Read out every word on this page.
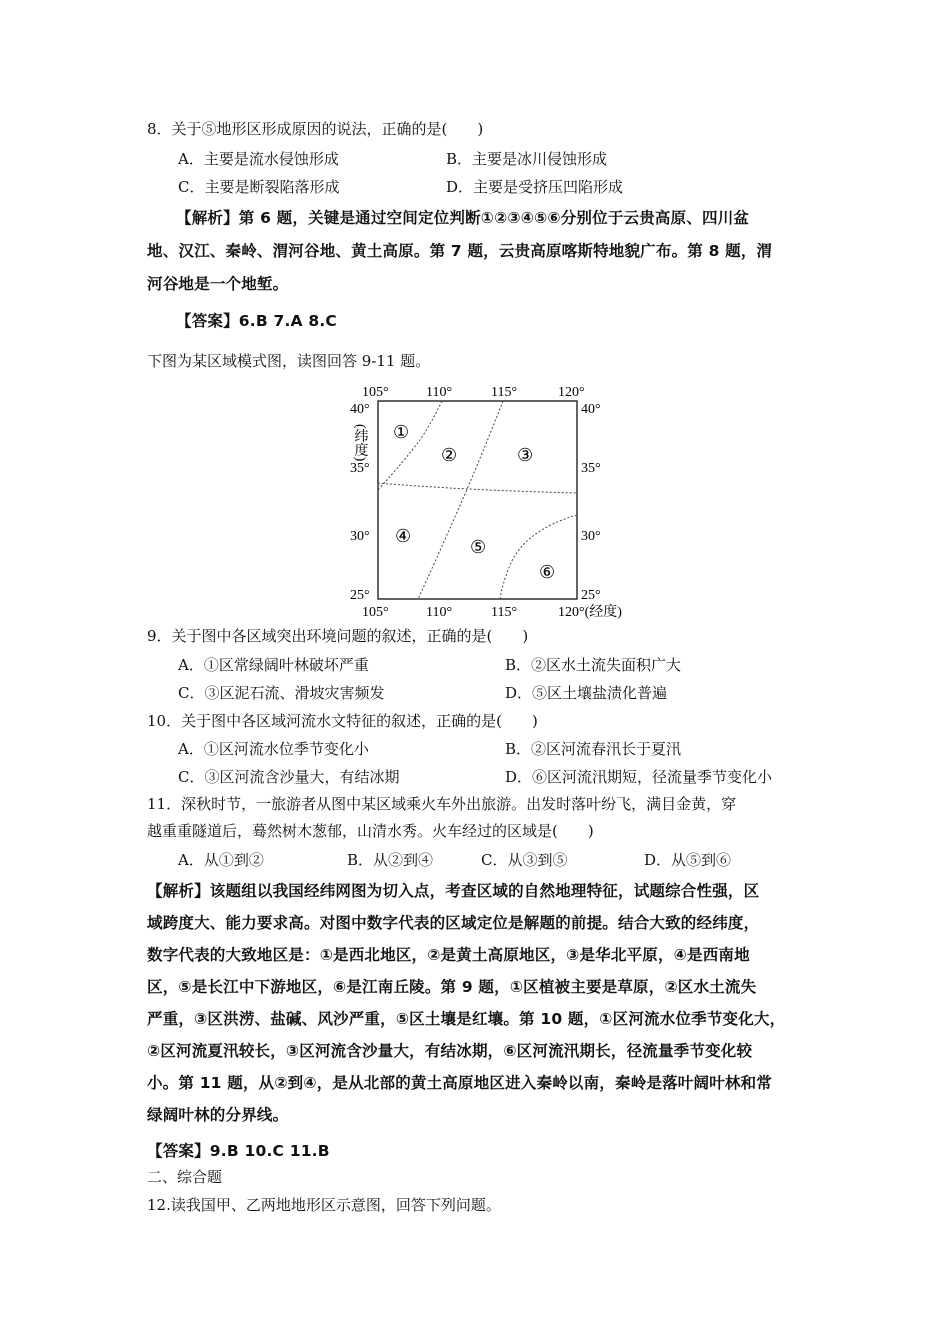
8．关于⑤地形区形成原因的说法，正确的是(　　)
A．主要是流水侵蚀形成	B．主要是冰川侵蚀形成
C．主要是断裂陷落形成	D．主要是受挤压凹陷形成
【解析】第 6 题，关键是通过空间定位判断①②③④⑤⑥分别位于云贵高原、四川盆
地、汉江、秦岭、渭河谷地、黄土高原。第 7 题，云贵高原喀斯特地貌广布。第 8 题，渭
河谷地是一个地堑。
【答案】6.B 7.A 8.C
下图为某区域模式图，读图回答 9-11 题。
105°	110°	115°	120°
40°
35°
30°
25°
40°
35°
30°
25°
(纬度)
105°	110°	115°	120°(经度)
①
②	③
④
⑤
⑥
9．关于图中各区域突出环境问题的叙述，正确的是(　　)
A．①区常绿阔叶林破坏严重	B．②区水土流失面积广大
C．③区泥石流、滑坡灾害频发	D．⑤区土壤盐渍化普遍
10．关于图中各区域河流水文特征的叙述，正确的是(　　)
A．①区河流水位季节变化小	B．②区河流春汛长于夏汛
C．③区河流含沙量大，有结冰期	D．⑥区河流汛期短，径流量季节变化小
11．深秋时节，一旅游者从图中某区域乘火车外出旅游。出发时落叶纷飞，满目金黄，穿
越重重隧道后，蓦然树木葱郁，山清水秀。火车经过的区域是(　　)
A．从①到②	B．从②到④	C．从③到⑤	D．从⑤到⑥
【解析】该题组以我国经纬网图为切入点，考查区域的自然地理特征，试题综合性强，区
域跨度大、能力要求高。对图中数字代表的区域定位是解题的前提。结合大致的经纬度，
数字代表的大致地区是：①是西北地区，②是黄土高原地区，③是华北平原，④是西南地
区，⑤是长江中下游地区，⑥是江南丘陵。第 9 题，①区植被主要是草原，②区水土流失
严重，③区洪涝、盐碱、风沙严重，⑤区土壤是红壤。第 10 题，①区河流水位季节变化大，
②区河流夏汛较长，③区河流含沙量大，有结冰期，⑥区河流汛期长，径流量季节变化较
小。第 11 题，从②到④，是从北部的黄土高原地区进入秦岭以南，秦岭是落叶阔叶林和常
绿阔叶林的分界线。
【答案】9.B 10.C 11.B
二、综合题
12.读我国甲、乙两地地形区示意图，回答下列问题。
